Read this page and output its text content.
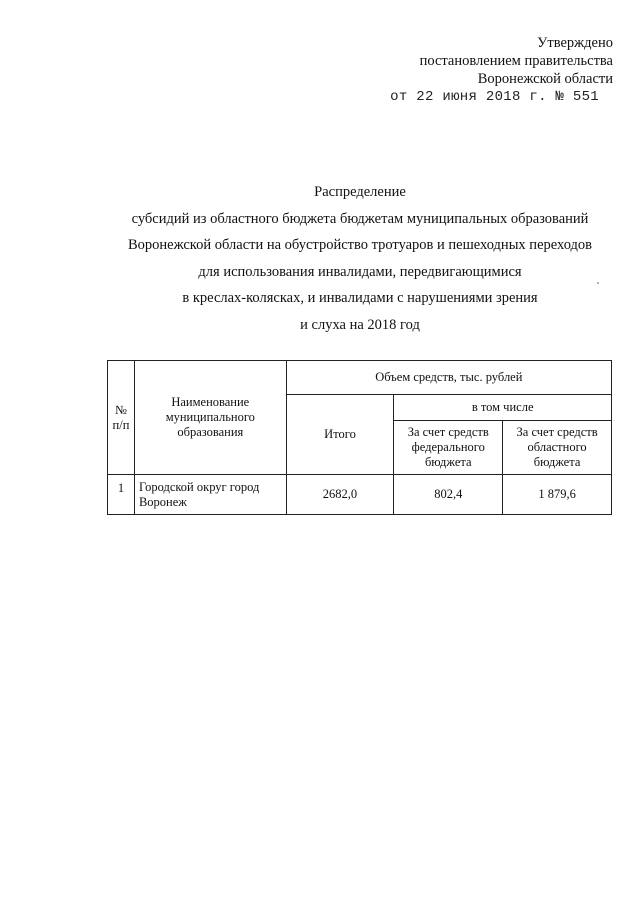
Утверждено
постановлением правительства
Воронежской области
от 22 июня 2018 г. № 551
Распределение
субсидий из областного бюджета бюджетам муниципальных образований
Воронежской области на обустройство тротуаров и пешеходных переходов
для использования инвалидами, передвигающимися
в креслах-колясках, и инвалидами с нарушениями зрения
и слуха на 2018 год
№ п/п	Наименование муниципального образования	Объем средств, тыс. рублей		
		Итого	в том числе	
			За счет средств федерального бюджета	За счет средств областного бюджета
1	Городской округ город Воронеж	2682,0	802,4	1 879,6
